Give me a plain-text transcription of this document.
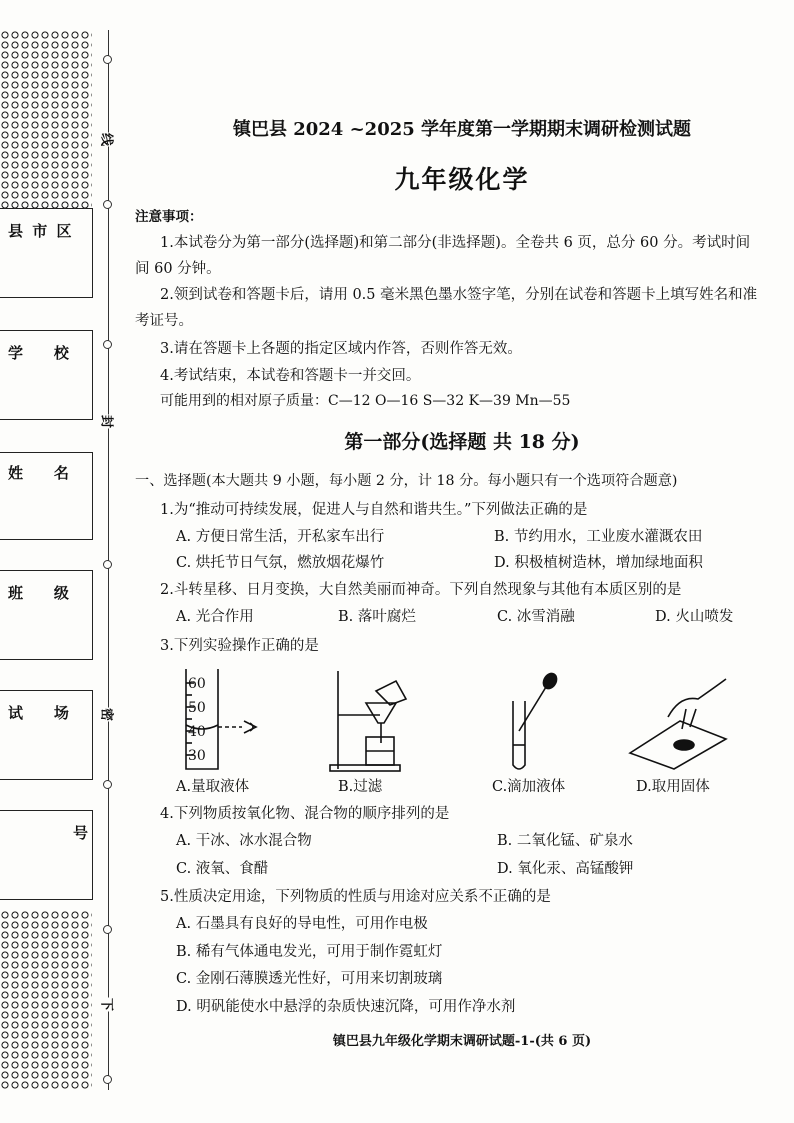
县 市 区
学    校
姓    名
班    级
试    场
号
线
封
密
下
镇巴县 2024 ~2025 学年度第一学期期末调研检测试题
九年级化学
注意事项：
1.本试卷分为第一部分(选择题)和第二部分(非选择题)。全卷共 6 页，总分 60 分。考试时间
间 60 分钟。
2.领到试卷和答题卡后，请用 0.5 毫米黑色墨水签字笔，分别在试卷和答题卡上填写姓名和准
考证号。
3.请在答题卡上各题的指定区域内作答，否则作答无效。
4.考试结束，本试卷和答题卡一并交回。
可能用到的相对原子质量：C—12 O—16 S—32 K—39 Mn—55
第一部分(选择题 共 18 分)
一、选择题(本大题共 9 小题，每小题 2 分，计 18 分。每小题只有一个选项符合题意)
1.为“推动可持续发展，促进人与自然和谐共生。”下列做法正确的是
A. 方便日常生活，开私家车出行	B. 节约用水，工业废水灌溉农田
C. 烘托节日气氛，燃放烟花爆竹	D. 积极植树造林，增加绿地面积
2.斗转星移、日月变换，大自然美丽而神奇。下列自然现象与其他有本质区别的是
A. 光合作用	B. 落叶腐烂	C. 冰雪消融	D. 火山喷发
3.下列实验操作正确的是
60
50
40
30
A.量取液体	B.过滤	C.滴加液体	D.取用固体
4.下列物质按氧化物、混合物的顺序排列的是
A. 干冰、冰水混合物	B. 二氧化锰、矿泉水
C. 液氧、食醋	D. 氧化汞、高锰酸钾
5.性质决定用途，下列物质的性质与用途对应关系不正确的是
A. 石墨具有良好的导电性，可用作电极
B. 稀有气体通电发光，可用于制作霓虹灯
C. 金刚石薄膜透光性好，可用来切割玻璃
D. 明矾能使水中悬浮的杂质快速沉降，可用作净水剂
镇巴县九年级化学期末调研试题-1-(共 6 页)
